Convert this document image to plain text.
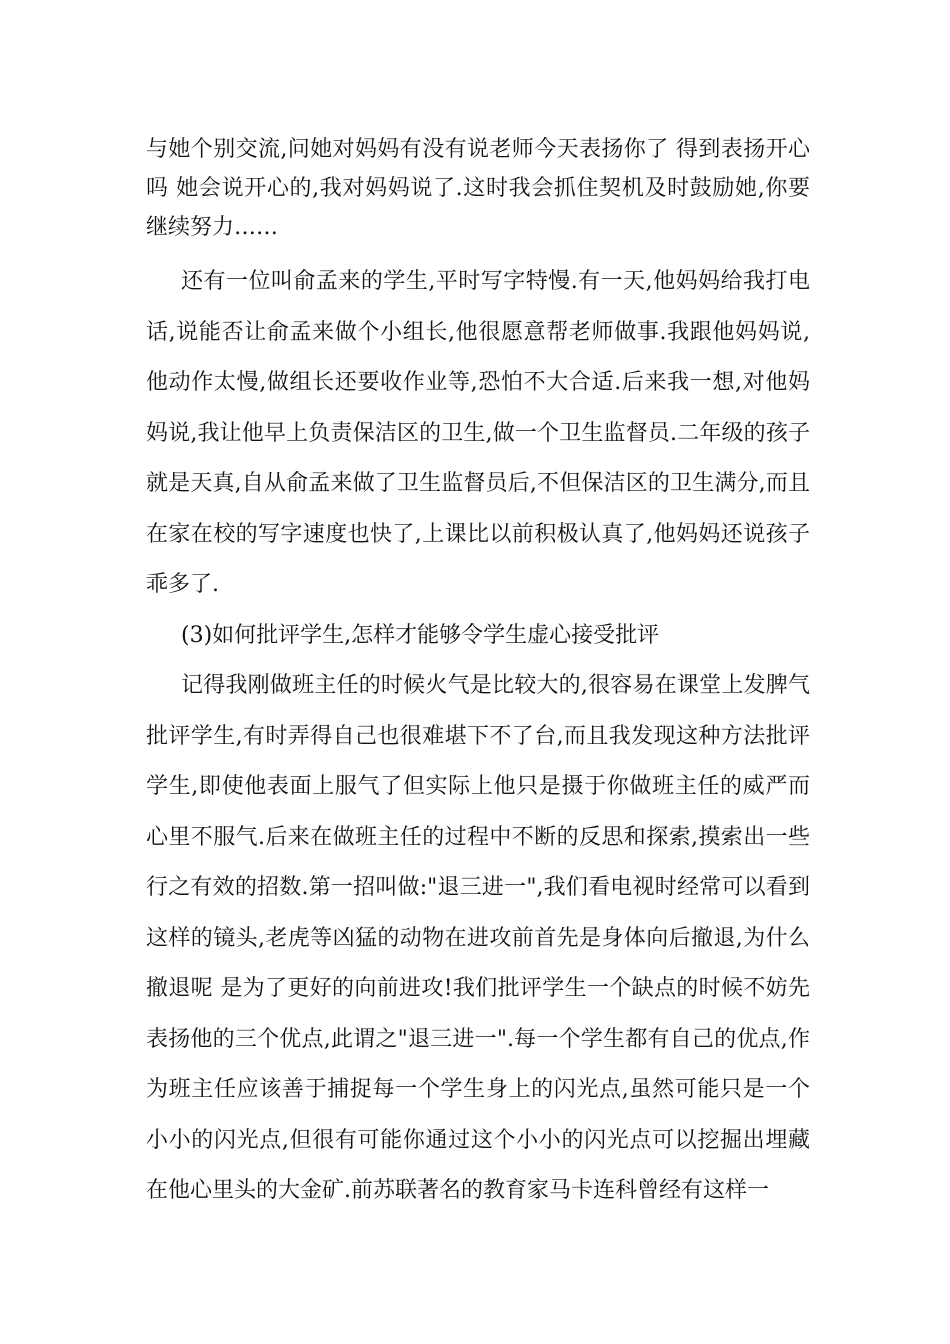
与她个别交流,问她对妈妈有没有说老师今天表扬你了 得到表扬开心吗 她会说开心的,我对妈妈说了.这时我会抓住契机及时鼓励她,你要继续努力……

还有一位叫俞孟来的学生,平时写字特慢.有一天,他妈妈给我打电话,说能否让俞孟来做个小组长,他很愿意帮老师做事.我跟他妈妈说,他动作太慢,做组长还要收作业等,恐怕不大合适.后来我一想,对他妈妈说,我让他早上负责保洁区的卫生,做一个卫生监督员.二年级的孩子就是天真,自从俞孟来做了卫生监督员后,不但保洁区的卫生满分,而且在家在校的写字速度也快了,上课比以前积极认真了,他妈妈还说孩子乖多了.

(3)如何批评学生,怎样才能够令学生虚心接受批评

记得我刚做班主任的时候火气是比较大的,很容易在课堂上发脾气批评学生,有时弄得自己也很难堪下不了台,而且我发现这种方法批评学生,即使他表面上服气了但实际上他只是摄于你做班主任的威严而心里不服气.后来在做班主任的过程中不断的反思和探索,摸索出一些行之有效的招数.第一招叫做:"退三进一",我们看电视时经常可以看到这样的镜头,老虎等凶猛的动物在进攻前首先是身体向后撤退,为什么撤退呢 是为了更好的向前进攻!我们批评学生一个缺点的时候不妨先表扬他的三个优点,此谓之"退三进一".每一个学生都有自己的优点,作为班主任应该善于捕捉每一个学生身上的闪光点,虽然可能只是一个小小的闪光点,但很有可能你通过这个小小的闪光点可以挖掘出埋藏在他心里头的大金矿.前苏联著名的教育家马卡连科曾经有这样一
